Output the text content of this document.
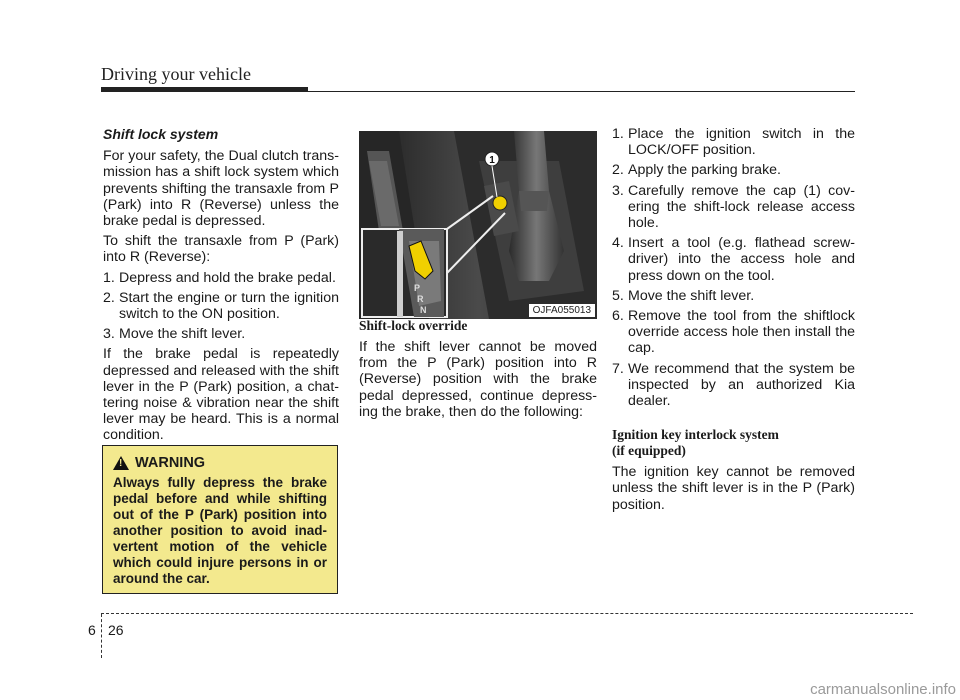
Driving your vehicle
Shift lock system

For your safety, the Dual clutch trans-mission has a shift lock system which prevents shifting the transaxle from P (Park) into R (Reverse) unless the brake pedal is depressed.

To shift the transaxle from P (Park) into R (Reverse):

1. Depress and hold the brake pedal.
2. Start the engine or turn the ignition switch to the ON position.
3. Move the shift lever.

If the brake pedal is repeatedly depressed and released with the shift lever in the P (Park) position, a chat-tering noise & vibration near the shift lever may be heard. This is a normal condition.

!
WARNING
Always fully depress the brake pedal before and while shifting out of the P (Park) position into another position to avoid inad-vertent motion of the vehicle which could injure persons in or around the car.
1
P
R
N	OJFA055013
Shift-lock override

If the shift lever cannot be moved from the P (Park) position into R (Reverse) position with the brake pedal depressed, continue depress-ing the brake, then do the following:

1. Place the ignition switch in the LOCK/OFF position.
2. Apply the parking brake.
3. Carefully remove the cap (1) cov-ering the shift-lock release access hole.
4. Insert a tool (e.g. flathead screw-driver) into the access hole and press down on the tool.
5. Move the shift lever.
6. Remove the tool from the shiftlock override access hole then install the cap.
7. We recommend that the system be inspected by an authorized Kia dealer.
Ignition key interlock system
(if equipped)

The ignition key cannot be removed unless the shift lever is in the P (Park) position.

6 26
carmanualsonline.info
